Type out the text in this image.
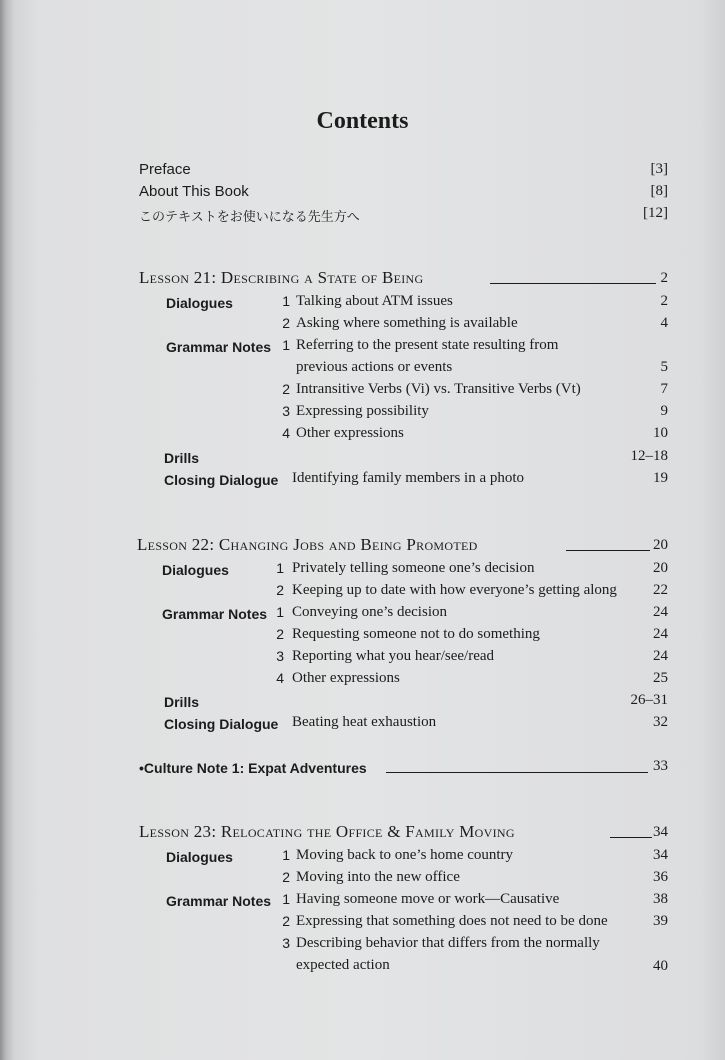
Contents
Preface	[3]
About This Book	[8]
このテキストをお使いになる先生方へ	[12]
Lesson 21: Describing a State of Being	2
Dialogues	1 Talking about ATM issues	2
2 Asking where something is available	4
Grammar Notes 1 Referring to the present state resulting from
previous actions or events	5
2 Intransitive Verbs (Vi) vs. Transitive Verbs (Vt)	7
3 Expressing possibility	9
4 Other expressions	10
Drills	12–18
Closing Dialogue Identifying family members in a photo	19
Lesson 22: Changing Jobs and Being Promoted	20
Dialogues	1 Privately telling someone one’s decision	20
2 Keeping up to date with how everyone’s getting along	22
Grammar Notes 1 Conveying one’s decision	24
2 Requesting someone not to do something	24
3 Reporting what you hear/see/read	24
4 Other expressions	25
Drills	26–31
Closing Dialogue Beating heat exhaustion	32
•Culture Note 1: Expat Adventures	33
Lesson 23: Relocating the Office & Family Moving	34
Dialogues	1 Moving back to one’s home country	34
2 Moving into the new office	36
Grammar Notes 1 Having someone move or work—Causative	38
2 Expressing that something does not need to be done	39
3 Describing behavior that differs from the normally
expected action	40
